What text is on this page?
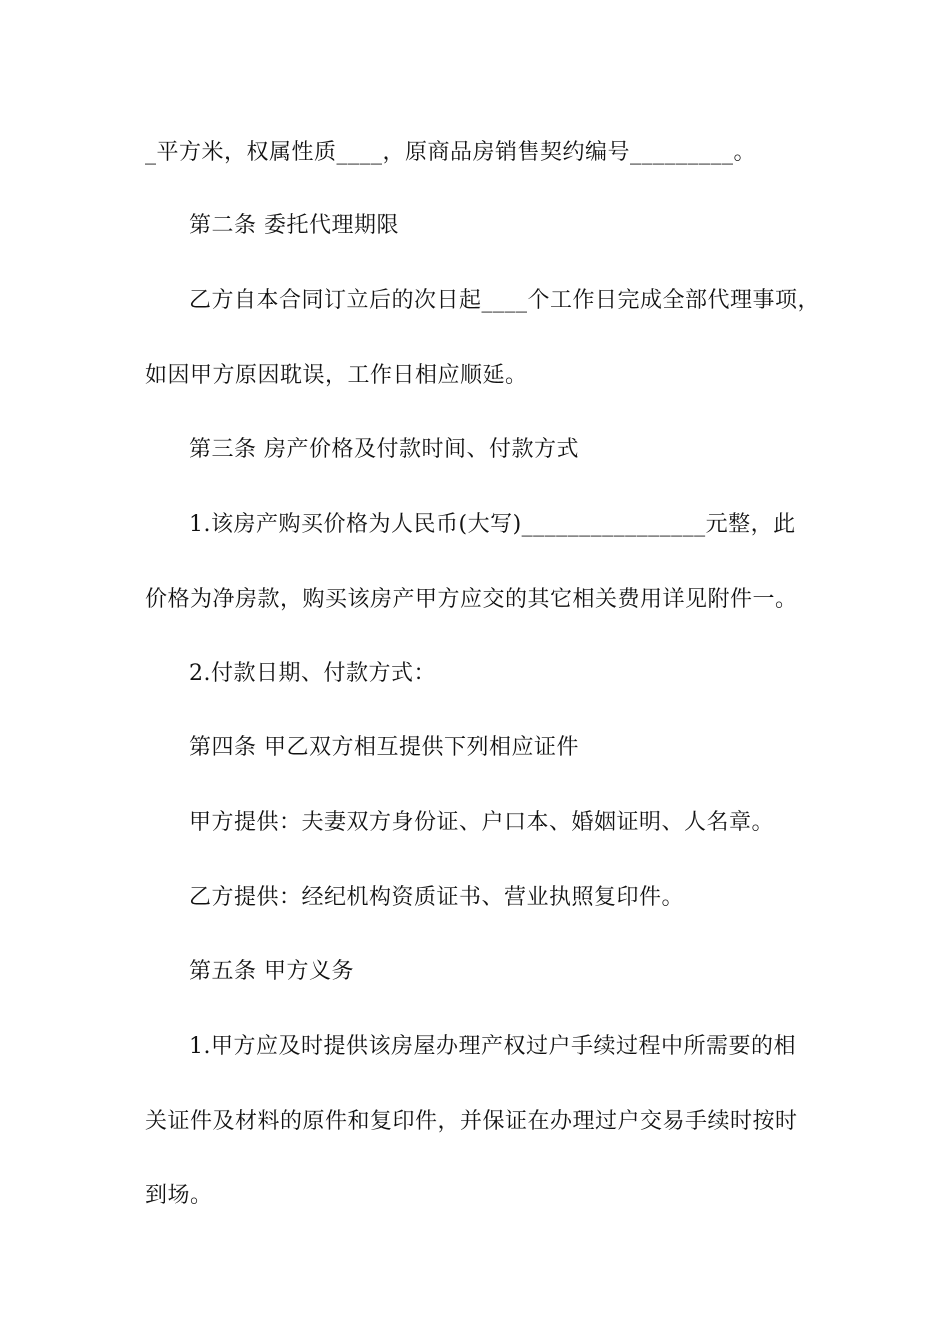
_平方米，权属性质____，原商品房销售契约编号_________。
第二条 委托代理期限
乙方自本合同订立后的次日起____个工作日完成全部代理事项，
如因甲方原因耽误，工作日相应顺延。
第三条 房产价格及付款时间、付款方式
1.该房产购买价格为人民币(大写)________________元整，此
价格为净房款，购买该房产甲方应交的其它相关费用详见附件一。
2.付款日期、付款方式：
第四条 甲乙双方相互提供下列相应证件
甲方提供：夫妻双方身份证、户口本、婚姻证明、人名章。
乙方提供：经纪机构资质证书、营业执照复印件。
第五条 甲方义务
1.甲方应及时提供该房屋办理产权过户手续过程中所需要的相
关证件及材料的原件和复印件，并保证在办理过户交易手续时按时
到场。
